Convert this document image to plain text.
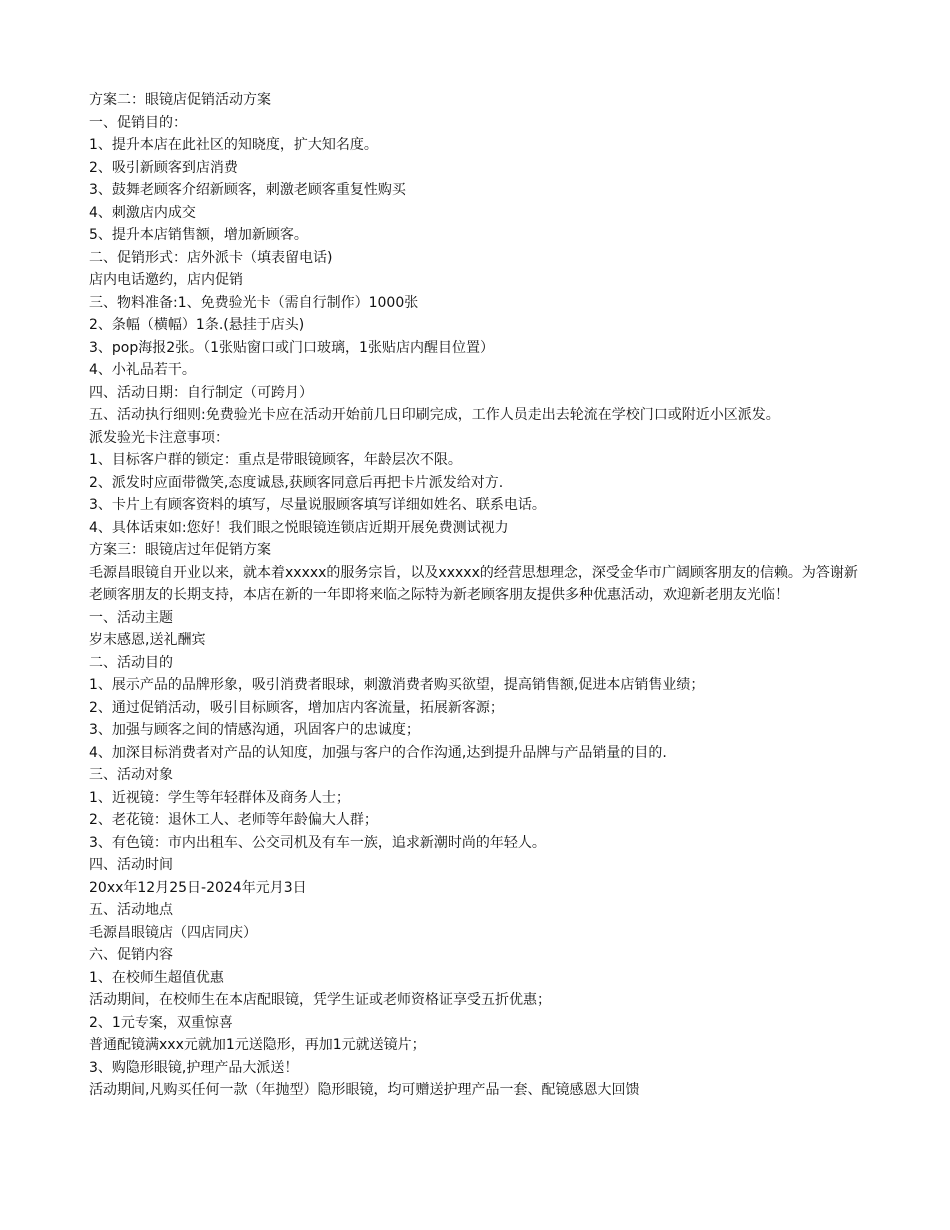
方案二：眼镜店促销活动方案
一、促销目的：
1、提升本店在此社区的知晓度，扩大知名度。
2、吸引新顾客到店消费
3、鼓舞老顾客介绍新顾客，刺激老顾客重复性购买
4、刺激店内成交
5、提升本店销售额，增加新顾客。
二、促销形式：店外派卡（填表留电话)
店内电话邀约，店内促销
三、物料准备:1、免费验光卡（需自行制作）1000张
2、条幅（横幅）1条.(悬挂于店头)
3、pop海报2张。（1张贴窗口或门口玻璃，1张贴店内醒目位置）
4、小礼品若干。
四、活动日期：自行制定（可跨月）
五、活动执行细则:免费验光卡应在活动开始前几日印刷完成，工作人员走出去轮流在学校门口或附近小区派发。
派发验光卡注意事项：
1、目标客户群的锁定：重点是带眼镜顾客，年龄层次不限。
2、派发时应面带微笑,态度诚恳,获顾客同意后再把卡片派发给对方.
3、卡片上有顾客资料的填写，尽量说服顾客填写详细如姓名、联系电话。
4、具体话束如:您好！我们眼之悦眼镜连锁店近期开展免费测试视力
方案三：眼镜店过年促销方案
毛源昌眼镜自开业以来，就本着xxxxx的服务宗旨，以及xxxxx的经营思想理念，深受金华市广阔顾客朋友的信赖。为答谢新老顾客朋友的长期支持，本店在新的一年即将来临之际特为新老顾客朋友提供多种优惠活动，欢迎新老朋友光临！
一、活动主题
岁末感恩,送礼酬宾
二、活动目的
1、展示产品的品牌形象，吸引消费者眼球，刺激消费者购买欲望，提高销售额,促进本店销售业绩；
2、通过促销活动，吸引目标顾客，增加店内客流量，拓展新客源；
3、加强与顾客之间的情感沟通，巩固客户的忠诚度；
4、加深目标消费者对产品的认知度，加强与客户的合作沟通,达到提升品牌与产品销量的目的.
三、活动对象
1、近视镜：学生等年轻群体及商务人士；
2、老花镜：退休工人、老师等年龄偏大人群；
3、有色镜：市内出租车、公交司机及有车一族，追求新潮时尚的年轻人。
四、活动时间
20xx年12月25日-2024年元月3日
五、活动地点
毛源昌眼镜店（四店同庆）
六、促销内容
1、在校师生超值优惠
活动期间，在校师生在本店配眼镜，凭学生证或老师资格证享受五折优惠；
2、1元专案，双重惊喜
普通配镜满xxx元就加1元送隐形，再加1元就送镜片；
3、购隐形眼镜,护理产品大派送！
活动期间,凡购买任何一款（年抛型）隐形眼镜，均可赠送护理产品一套、配镜感恩大回馈
